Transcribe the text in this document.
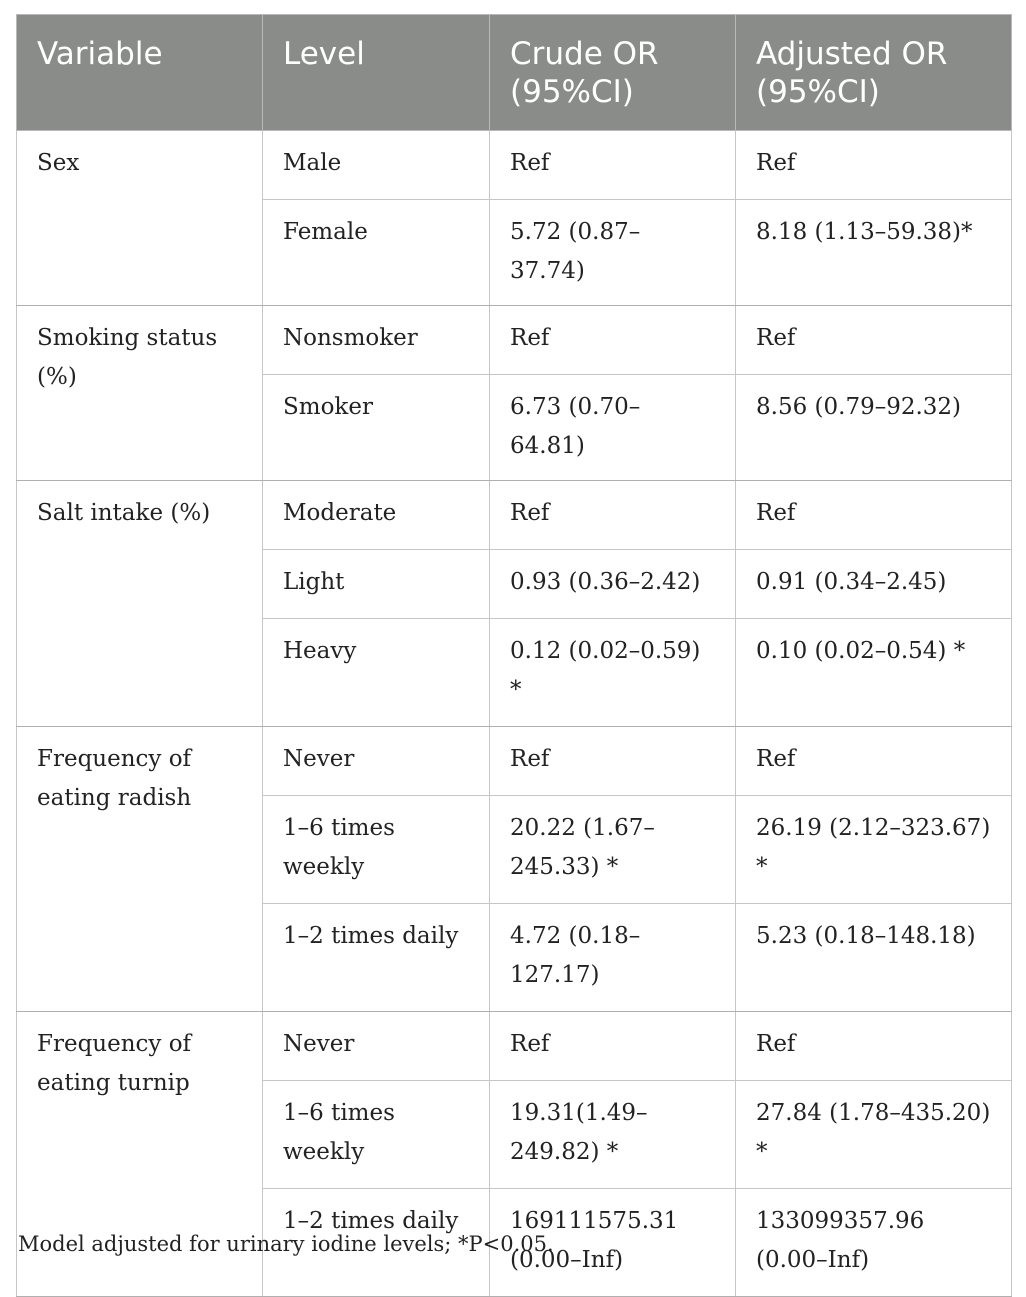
Variable	Level	Crude OR (95%CI)	Adjusted OR (95%CI)
Sex	Male	Ref	Ref
	Female	5.72 (0.87–37.74)	8.18 (1.13–59.38)*
Smoking status (%)	Nonsmoker	Ref	Ref
	Smoker	6.73 (0.70–64.81)	8.56 (0.79–92.32)
Salt intake (%)	Moderate	Ref	Ref
	Light	0.93 (0.36–2.42)	0.91 (0.34–2.45)
	Heavy	0.12 (0.02–0.59) *	0.10 (0.02–0.54) *
Frequency of eating radish	Never	Ref	Ref
	1–6 times weekly	20.22 (1.67–245.33) *	26.19 (2.12–323.67) *
	1–2 times daily	4.72 (0.18–127.17)	5.23 (0.18–148.18)
Frequency of eating turnip	Never	Ref	Ref
	1–6 times weekly	19.31(1.49–249.82) *	27.84 (1.78–435.20) *
	1–2 times daily	169111575.31 (0.00–Inf)	133099357.96 (0.00–Inf)
Model adjusted for urinary iodine levels; *P<0.05.
